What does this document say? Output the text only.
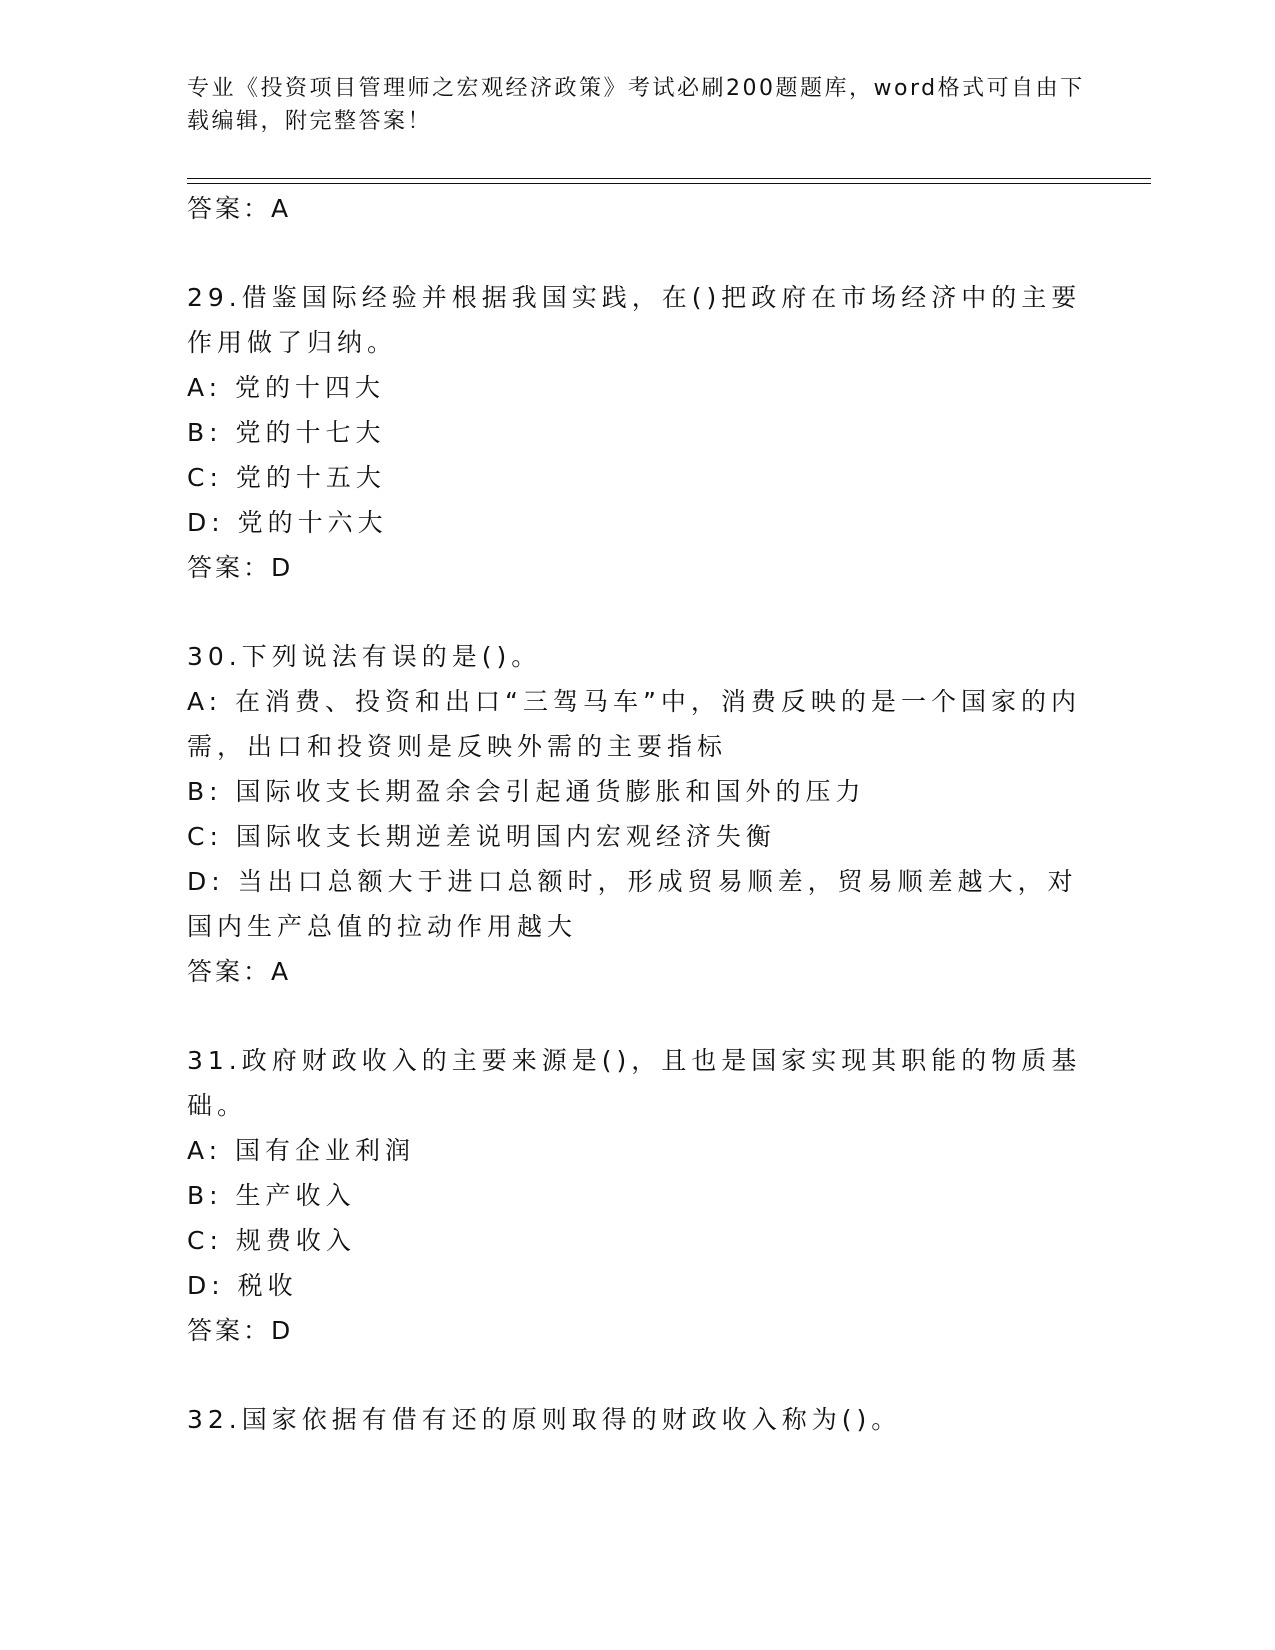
专业《投资项目管理师之宏观经济政策》考试必刷200题题库，word格式可自由下载编辑，附完整答案！
答案：A
29.借鉴国际经验并根据我国实践，在()把政府在市场经济中的主要作用做了归纳。
A: 党的十四大
B: 党的十七大
C: 党的十五大
D: 党的十六大
答案：D
30.下列说法有误的是()。
A: 在消费、投资和出口“三驾马车”中，消费反映的是一个国家的内需，出口和投资则是反映外需的主要指标
B: 国际收支长期盈余会引起通货膨胀和国外的压力
C: 国际收支长期逆差说明国内宏观经济失衡
D: 当出口总额大于进口总额时，形成贸易顺差，贸易顺差越大，对国内生产总值的拉动作用越大
答案：A
31.政府财政收入的主要来源是()，且也是国家实现其职能的物质基础。
A: 国有企业利润
B: 生产收入
C: 规费收入
D: 税收
答案：D
32.国家依据有借有还的原则取得的财政收入称为()。
